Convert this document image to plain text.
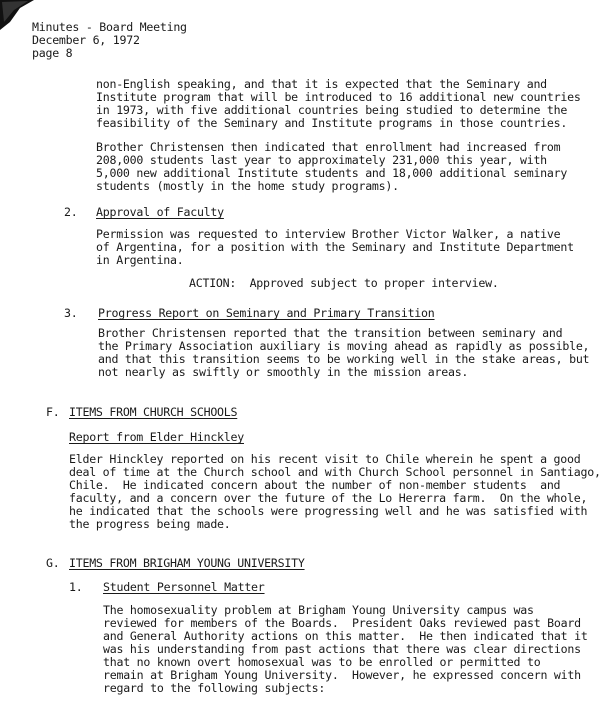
Minutes - Board Meeting
December 6, 1972
page 8
non-English speaking, and that it is expected that the Seminary and
Institute program that will be introduced to 16 additional new countries
in 1973, with five additional countries being studied to determine the
feasibility of the Seminary and Institute programs in those countries.
Brother Christensen then indicated that enrollment had increased from
208,000 students last year to approximately 231,000 this year, with
5,000 new additional Institute students and 18,000 additional seminary
students (mostly in the home study programs).
2. Approval of Faculty
Permission was requested to interview Brother Victor Walker, a native
of Argentina, for a position with the Seminary and Institute Department
in Argentina.
ACTION:  Approved subject to proper interview.
3. Progress Report on Seminary and Primary Transition
Brother Christensen reported that the transition between seminary and
the Primary Association auxiliary is moving ahead as rapidly as possible,
and that this transition seems to be working well in the stake areas, but
not nearly as swiftly or smoothly in the mission areas.
F. ITEMS FROM CHURCH SCHOOLS
Report from Elder Hinckley
Elder Hinckley reported on his recent visit to Chile wherein he spent a good
deal of time at the Church school and with Church School personnel in Santiago,
Chile.  He indicated concern about the number of non-member students  and
faculty, and a concern over the future of the Lo Hererra farm.  On the whole,
he indicated that the schools were progressing well and he was satisfied with
the progress being made.
G. ITEMS FROM BRIGHAM YOUNG UNIVERSITY
1. Student Personnel Matter
The homosexuality problem at Brigham Young University campus was
reviewed for members of the Boards.  President Oaks reviewed past Board
and General Authority actions on this matter.  He then indicated that it
was his understanding from past actions that there was clear directions
that no known overt homosexual was to be enrolled or permitted to
remain at Brigham Young University.  However, he expressed concern with
regard to the following subjects:
